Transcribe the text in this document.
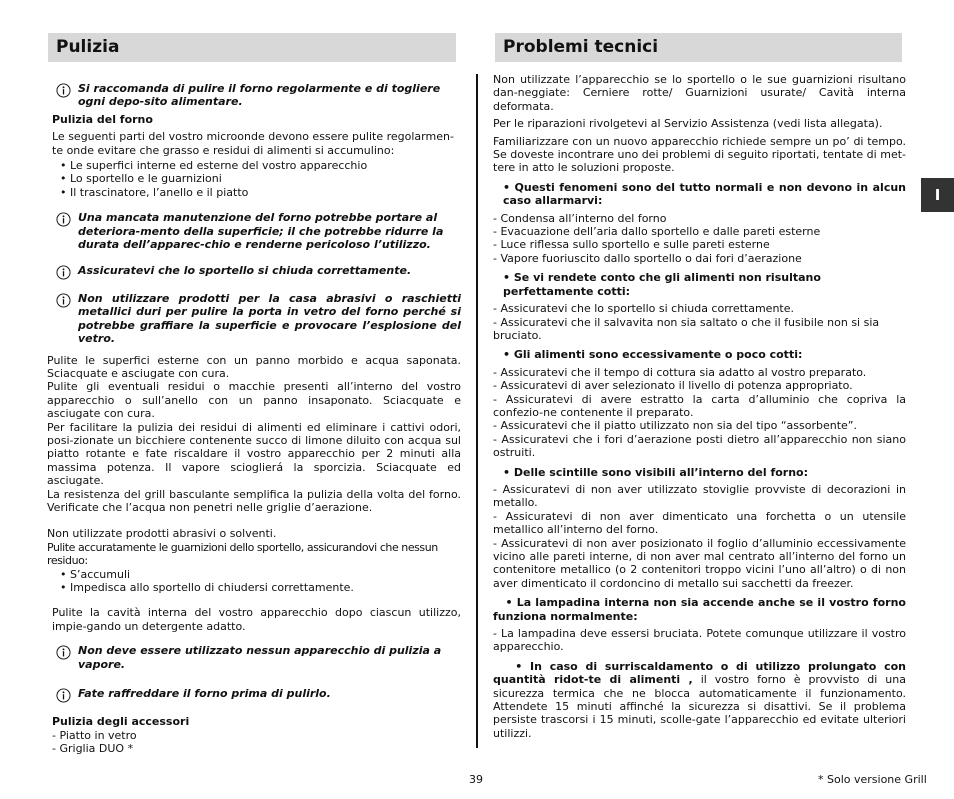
Pulizia	Problemi tecnici
I
Si raccomanda di pulire il forno regolarmente e di togliere ogni depo-sito alimentare.
Pulizia del forno
Le seguenti parti del vostro microonde devono essere pulite regolarmen-te onde evitare che grasso e residui di alimenti si accumulino:
• Le superfici interne ed esterne del vostro apparecchio
• Lo sportello e le guarnizioni
• Il trascinatore, l’anello e il piatto
Una mancata manutenzione del forno potrebbe portare al deteriora-mento della superficie; il che potrebbe ridurre la durata dell’apparec-chio e renderne pericoloso l’utilizzo.
Assicuratevi che lo sportello si chiuda correttamente.
Non utilizzare prodotti per la casa abrasivi o raschietti metallici duri per pulire la porta in vetro del forno perché si potrebbe graffiare la superficie e provocare l’esplosione del vetro.
Pulite le superfici esterne con un panno morbido e acqua saponata. Sciacquate e asciugate con cura.
Pulite gli eventuali residui o macchie presenti all’interno del vostro apparecchio o sull’anello con un panno insaponato. Sciacquate e asciugate con cura.
Per facilitare la pulizia dei residui di alimenti ed eliminare i cattivi odori, posi-zionate un bicchiere contenente succo di limone diluito con acqua sul piatto rotante e fate riscaldare il vostro apparecchio per 2 minuti alla massima potenza. Il vapore scioglierá la sporcizia. Sciacquate ed asciugate.
La resistenza del grill basculante semplifica la pulizia della volta del forno. Verificate che l’acqua non penetri nelle griglie d’aerazione.
Non utilizzate prodotti abrasivi o solventi.
Pulite accuratamente le guarnizioni dello sportello, assicurandovi che nessun residuo:
• S’accumuli
• Impedisca allo sportello di chiudersi correttamente.
Pulite la cavità interna del vostro apparecchio dopo ciascun utilizzo, impie-gando un detergente adatto.
Non deve essere utilizzato nessun apparecchio di pulizia a vapore.
Fate raffreddare il forno prima di pulirlo.
Pulizia degli accessori
- Piatto in vetro
- Griglia DUO *
Non utilizzate l’apparecchio se lo sportello o le sue guarnizioni risultano dan-neggiate: Cerniere rotte/ Guarnizioni usurate/ Cavità interna deformata.
Per le riparazioni rivolgetevi al Servizio Assistenza (vedi lista allegata).
Familiarizzare con un nuovo apparecchio richiede sempre un po’ di tempo. Se doveste incontrare uno dei problemi di seguito riportati, tentate di met-tere in atto le soluzioni proposte.
• Questi fenomeni sono del tutto normali e non devono in alcun caso allarmarvi:
- Condensa all’interno del forno
- Evacuazione dell’aria dallo sportello e dalle pareti esterne
- Luce riflessa sullo sportello e sulle pareti esterne
- Vapore fuoriuscito dallo sportello o dai fori d’aerazione
• Se vi rendete conto che gli alimenti non risultano perfettamente cotti:
- Assicuratevi che lo sportello si chiuda correttamente.
- Assicuratevi che il salvavita non sia saltato o che il fusibile non si sia bruciato.
• Gli alimenti sono eccessivamente o poco cotti:
- Assicuratevi che il tempo di cottura sia adatto al vostro preparato.
- Assicuratevi di aver selezionato il livello di potenza appropriato.
- Assicuratevi di avere estratto la carta d’alluminio che copriva la confezio-ne contenente il preparato.
- Assicuratevi che il piatto utilizzato non sia del tipo “assorbente”.
- Assicuratevi che i fori d’aerazione posti dietro all’apparecchio non siano ostruiti.
• Delle scintille sono visibili all’interno del forno:
- Assicuratevi di non aver utilizzato stoviglie provviste di decorazioni in metallo.
- Assicuratevi di non aver dimenticato una forchetta o un utensile metallico all’interno del forno.
- Assicuratevi di non aver posizionato il foglio d’alluminio eccessivamente vicino alle pareti interne, di non aver mal centrato all’interno del forno un contenitore metallico (o 2 contenitori troppo vicini l’uno all’altro) o di non aver dimenticato il cordoncino di metallo sui sacchetti da freezer.
• La lampadina interna non sia accende anche se il vostro forno funziona normalmente:
- La lampadina deve essersi bruciata. Potete comunque utilizzare il vostro apparecchio.
• In caso di surriscaldamento o di utilizzo prolungato con quantità ridot-te di alimenti , il vostro forno è provvisto di una sicurezza termica che ne blocca automaticamente il funzionamento. Attendete 15 minuti affinché la sicurezza si disattivi. Se il problema persiste trascorsi i 15 minuti, scolle-gate l’apparecchio ed evitate ulteriori utilizzi.
39	* Solo versione Grill
